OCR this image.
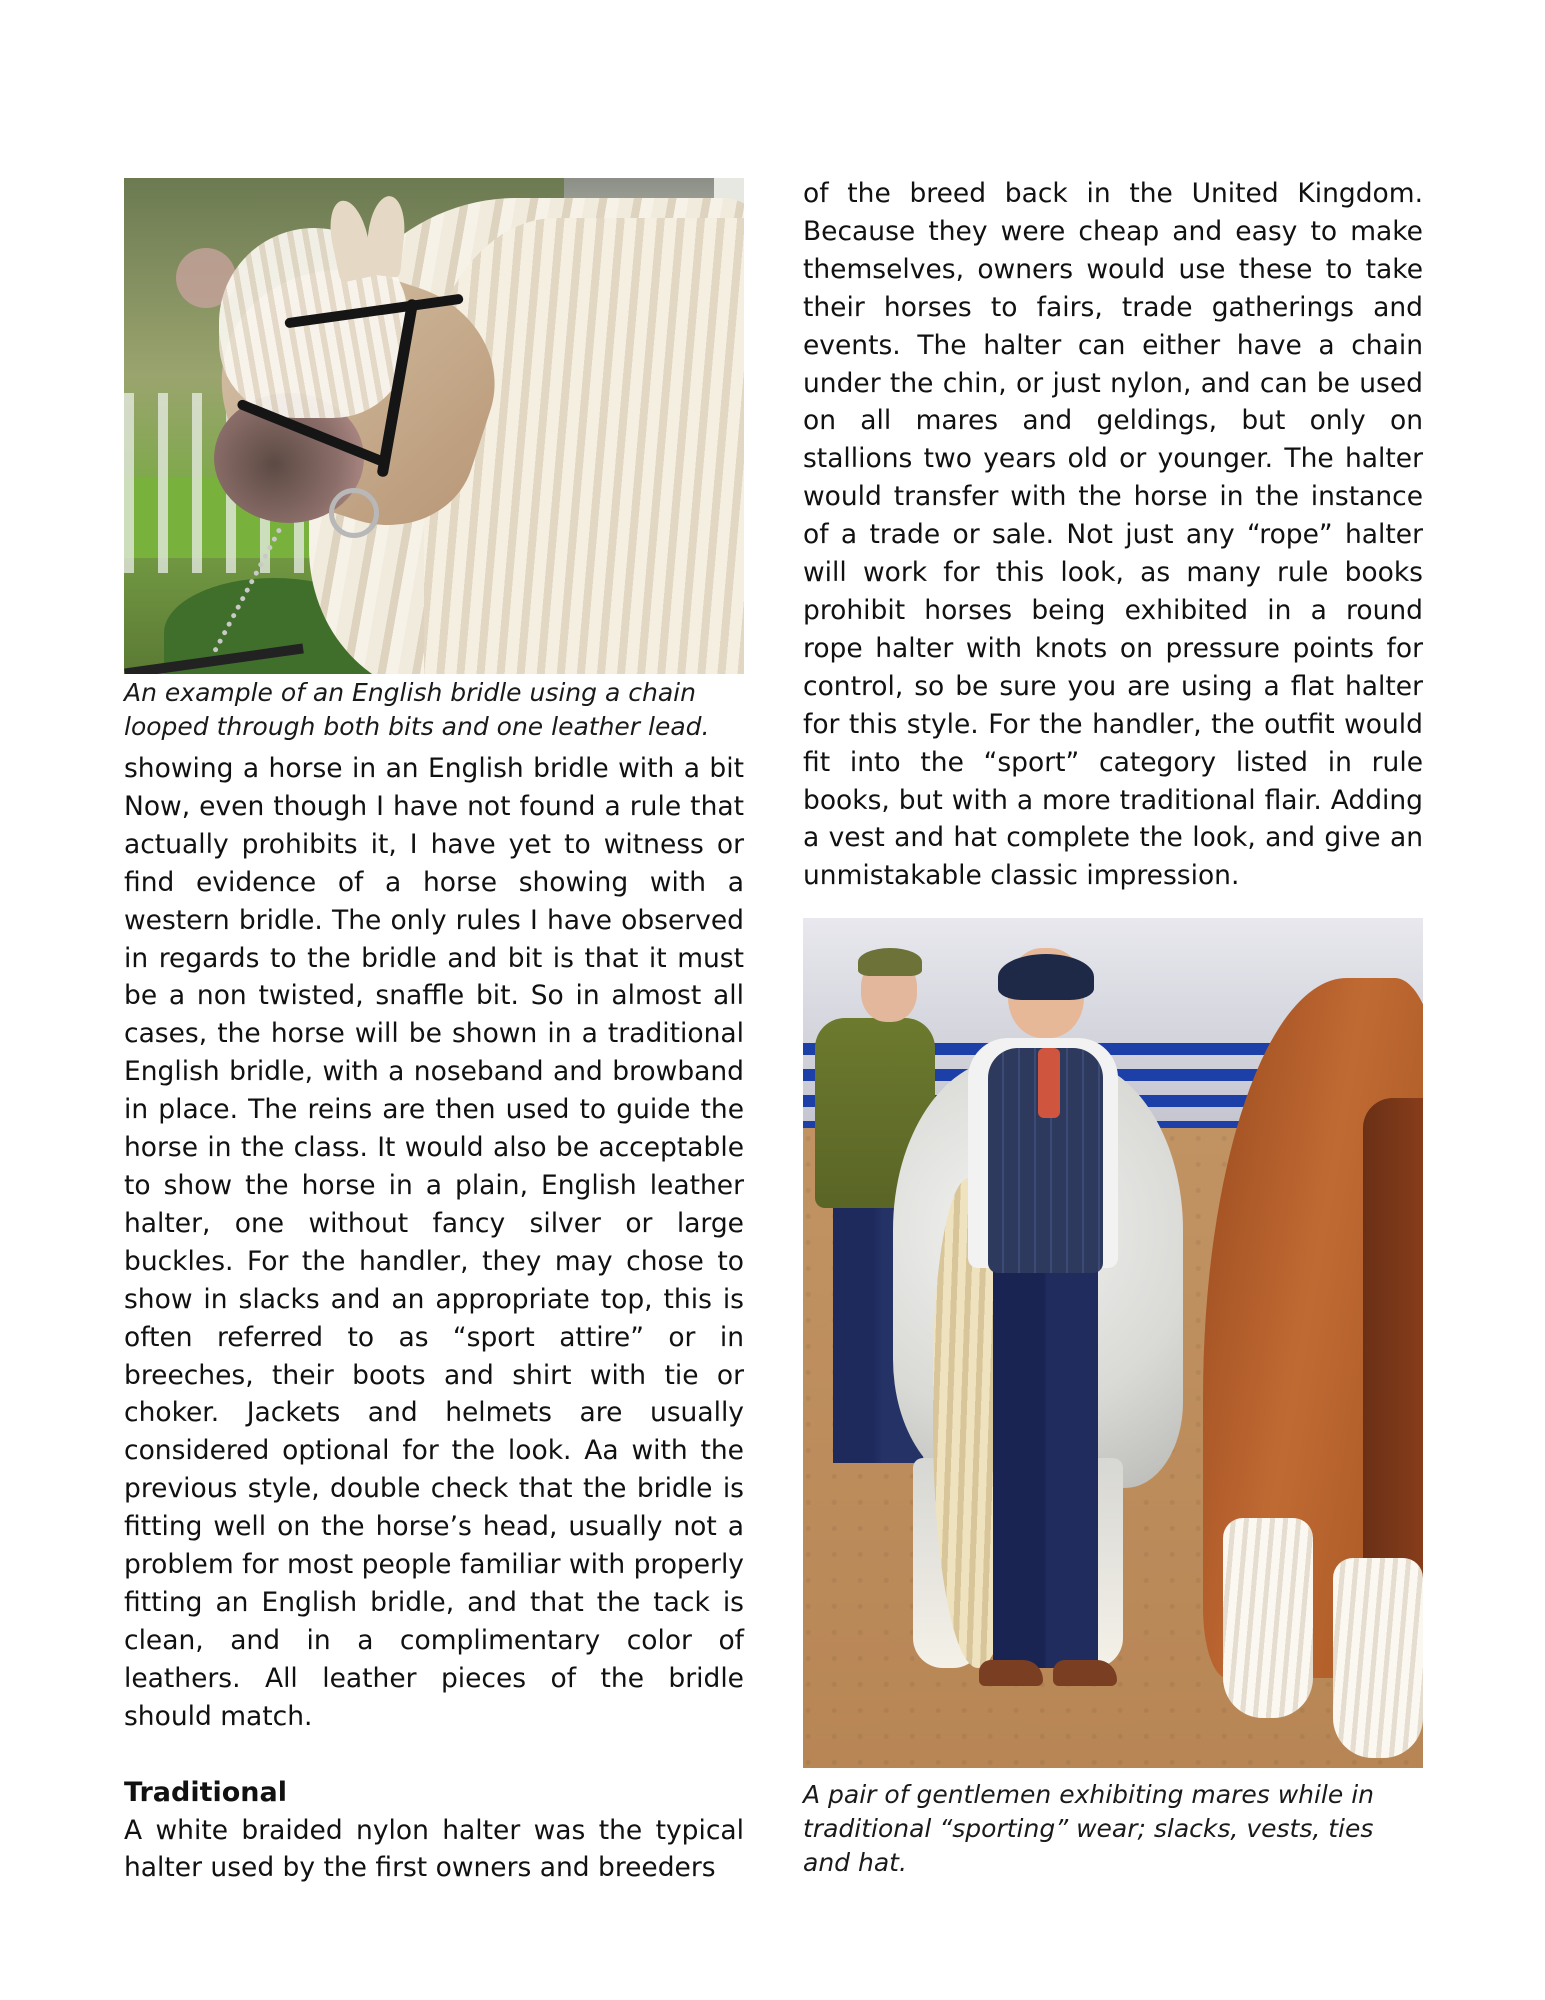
An example of an English bridle using a chain looped through both bits and one leather lead.

showing a horse in an English bridle with a bit Now, even though I have not found a rule that actually prohibits it, I have yet to witness or find evidence of a horse showing with a western bridle. The only rules I have observed in regards to the bridle and bit is that it must be a non twisted, snaffle bit. So in almost all cases, the horse will be shown in a traditional English bridle, with a noseband and browband in place. The reins are then used to guide the horse in the class. It would also be acceptable to show the horse in a plain, English leather halter, one without fancy silver or large buckles. For the handler, they may chose to show in slacks and an appropriate top, this is often referred to as “sport attire” or in breeches, their boots and shirt with tie or choker. Jackets and helmets are usually considered optional for the look. Aa with the previous style, double check that the bridle is fitting well on the horse’s head, usually not a problem for most people familiar with properly fitting an English bridle, and that the tack is clean, and in a complimentary color of leathers. All leather pieces of the bridle should match.

Traditional

A white braided nylon halter was the typical halter used by the first owners and breeders

of the breed back in the United Kingdom. Because they were cheap and easy to make themselves, owners would use these to take their horses to fairs, trade gatherings and events. The halter can either have a chain under the chin, or just nylon, and can be used on all mares and geldings, but only on stallions two years old or younger. The halter would transfer with the horse in the instance of a trade or sale. Not just any “rope” halter will work for this look, as many rule books prohibit horses being exhibited in a round rope halter with knots on pressure points for control, so be sure you are using a flat halter for this style. For the handler, the outfit would fit into the “sport” category listed in rule books, but with a more traditional flair. Adding a vest and hat complete the look, and give an unmistakable classic impression.

A pair of gentlemen exhibiting mares while in traditional “sporting” wear; slacks, vests, ties and hat.
